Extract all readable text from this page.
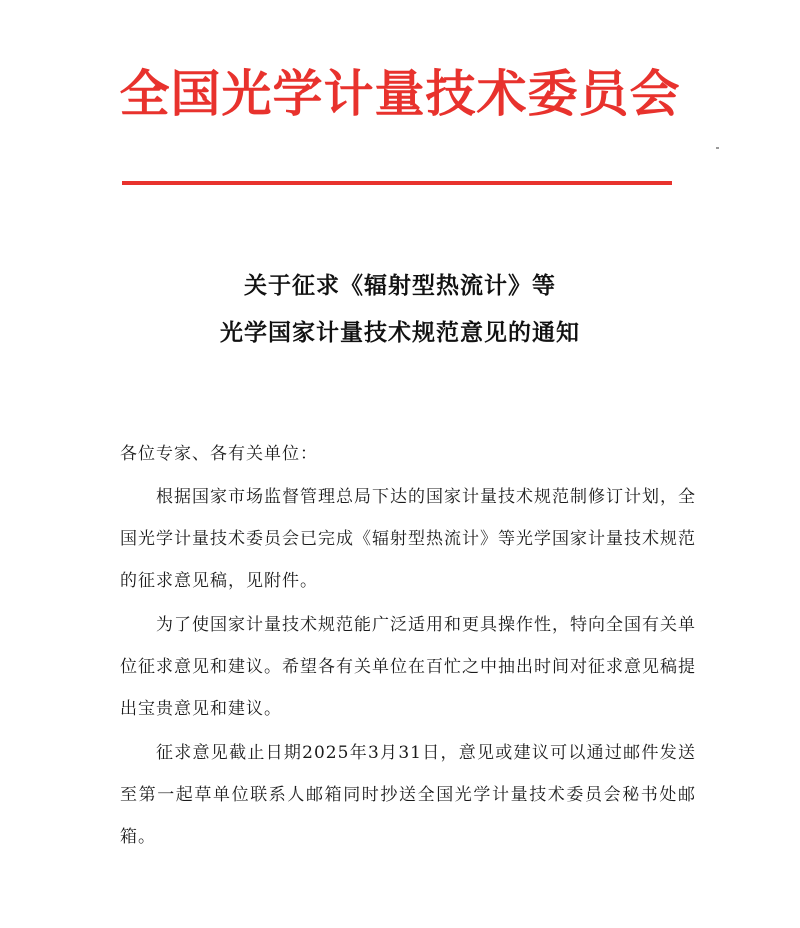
全国光学计量技术委员会
关于征求《辐射型热流计》等
光学国家计量技术规范意见的通知
各位专家、各有关单位：

根据国家市场监督管理总局下达的国家计量技术规范制修订计划，全国光学计量技术委员会已完成《辐射型热流计》等光学国家计量技术规范的征求意见稿，见附件。

为了使国家计量技术规范能广泛适用和更具操作性，特向全国有关单位征求意见和建议。希望各有关单位在百忙之中抽出时间对征求意见稿提出宝贵意见和建议。

征求意见截止日期2025年3月31日，意见或建议可以通过邮件发送至第一起草单位联系人邮箱同时抄送全国光学计量技术委员会秘书处邮箱。
